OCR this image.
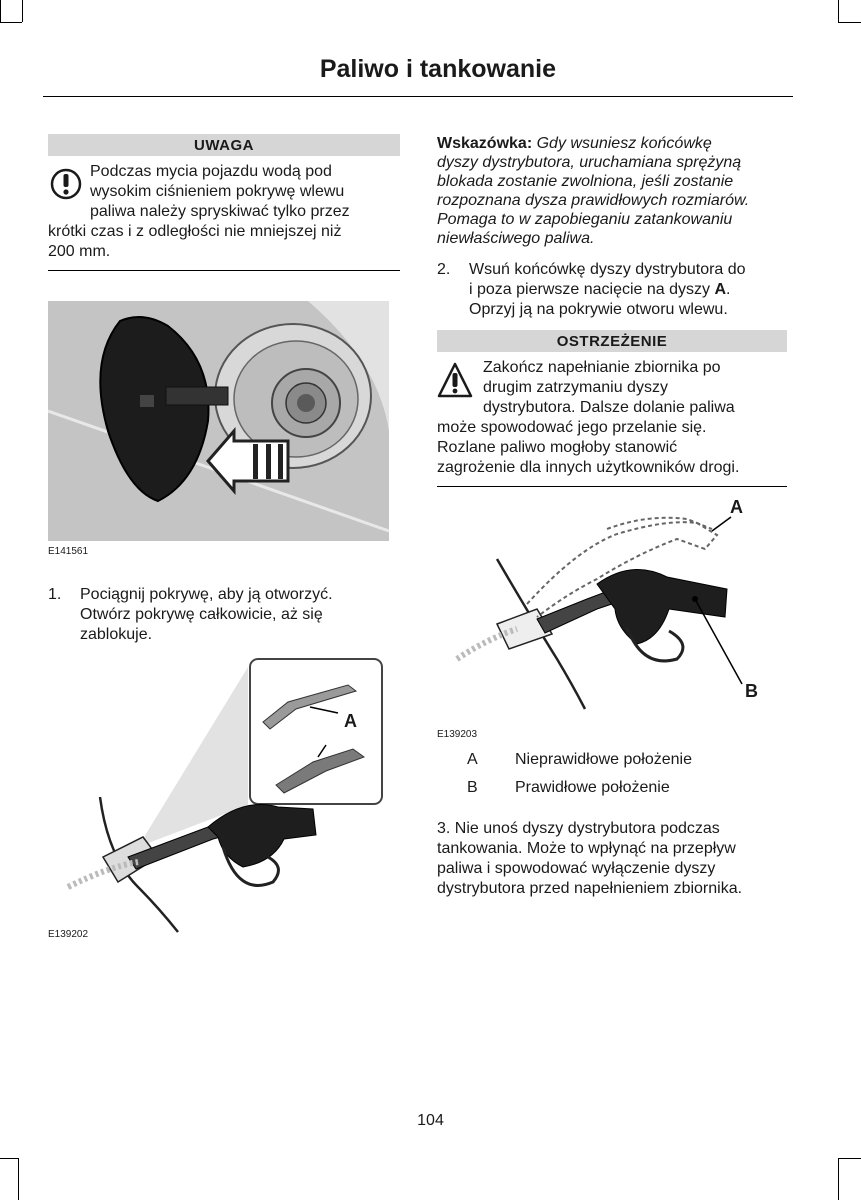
Paliwo i tankowanie
UWAGA
Podczas mycia pojazdu wodą pod
wysokim ciśnieniem pokrywę wlewu
paliwa należy spryskiwać tylko przez
krótki czas i z odległości nie mniejszej niż
200 mm.
E141561
1. Pociągnij pokrywę, aby ją otworzyć.
Otwórz pokrywę całkowicie, aż się
zablokuje.
A
E139202
Wskazówka: Gdy wsuniesz końcówkę
dyszy dystrybutora, uruchamiana sprężyną
blokada zostanie zwolniona, jeśli zostanie
rozpoznana dysza prawidłowych rozmiarów.
Pomaga to w zapobieganiu zatankowaniu
niewłaściwego paliwa.
2. Wsuń końcówkę dyszy dystrybutora do
i poza pierwsze nacięcie na dyszy A.
Oprzyj ją na pokrywie otworu wlewu.
OSTRZEŻENIE
Zakończ napełnianie zbiornika po
drugim zatrzymaniu dyszy
dystrybutora. Dalsze dolanie paliwa
może spowodować jego przelanie się.
Rozlane paliwo mogłoby stanowić
zagrożenie dla innych użytkowników drogi.
A
B
E139203
A Nieprawidłowe położenie
B Prawidłowe położenie
3. Nie unoś dyszy dystrybutora podczas
tankowania. Może to wpłynąć na przepływ
paliwa i spowodować wyłączenie dyszy
dystrybutora przed napełnieniem zbiornika.
104
